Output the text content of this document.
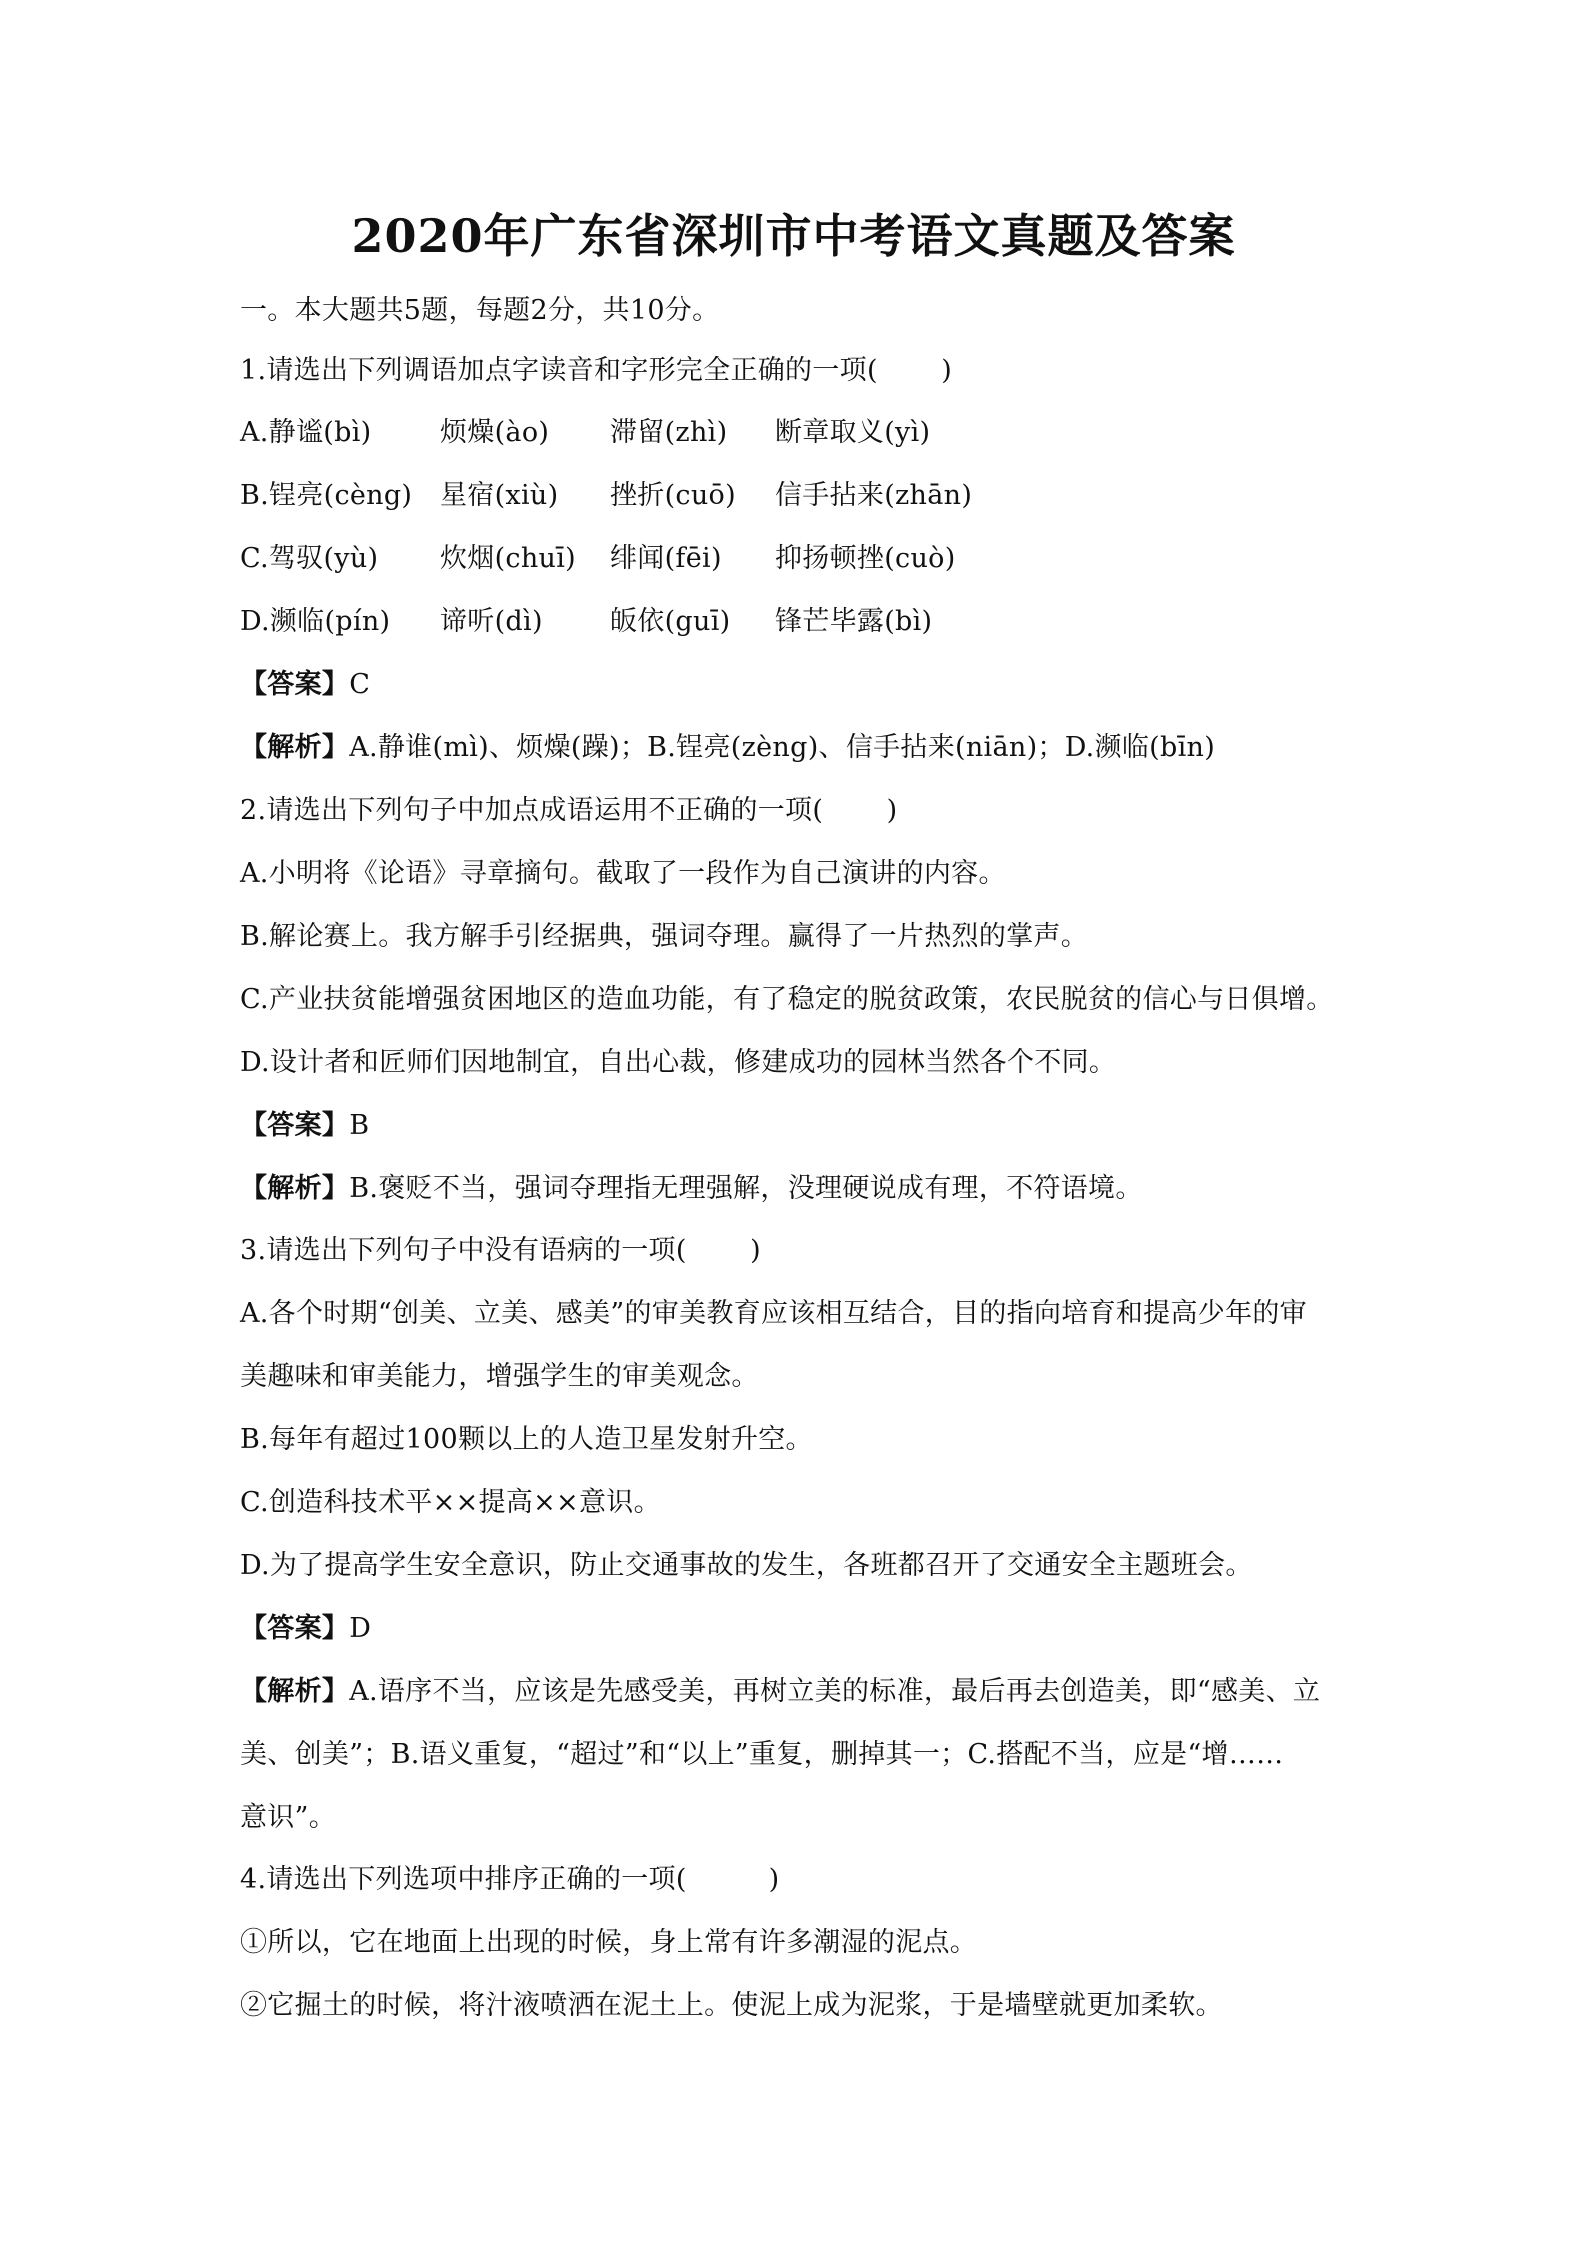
2020年广东省深圳市中考语文真题及答案
一。本大题共5题，每题2分，共10分。
1.请选出下列调语加点字读音和字形完全正确的一项(　　 )
A.静谧(bì)	烦燥(ào) 滞留(zhì) 断章取义(yì)
B.锃亮(cèng) 星宿(xiù) 挫折(cuō) 信手拈来(zhān)
C.驾驭(yù) 炊烟(chuī) 绯闻(fēi) 抑扬顿挫(cuò)
D.濒临(pín) 谛听(dì) 皈依(guī) 锋芒毕露(bì)
【答案】C
【解析】A.静谁(mì)、烦燥(躁)；B.锃亮(zèng)、信手拈来(niān)；D.濒临(bīn)
2.请选出下列句子中加点成语运用不正确的一项(　　 )
A.小明将《论语》寻章摘句。截取了一段作为自己演讲的内容。
B.解论赛上。我方解手引经据典，强词夺理。赢得了一片热烈的掌声。
C.产业扶贫能增强贫困地区的造血功能，有了稳定的脱贫政策，农民脱贫的信心与日俱增。
D.设计者和匠师们因地制宜，自出心裁，修建成功的园林当然各个不同。
【答案】B
【解析】B.褒贬不当，强词夺理指无理强解，没理硬说成有理，不符语境。
3.请选出下列句子中没有语病的一项(　　 )
A.各个时期“创美、立美、感美”的审美教育应该相互结合，目的指向培育和提高少年的审
美趣味和审美能力，增强学生的审美观念。
B.每年有超过100颗以上的人造卫星发射升空。
C.创造科技术平××提高××意识。
D.为了提高学生安全意识，防止交通事故的发生，各班都召开了交通安全主题班会。
【答案】D
【解析】A.语序不当，应该是先感受美，再树立美的标准，最后再去创造美，即“感美、立
美、创美”；B.语义重复，“超过”和“以上”重复，删掉其一；C.搭配不当，应是“增……
意识”。
4.请选出下列选项中排序正确的一项(　　　)
①所以，它在地面上出现的时候，身上常有许多潮湿的泥点。
②它掘土的时候，将汁液喷洒在泥土上。使泥上成为泥浆，于是墙壁就更加柔软。
